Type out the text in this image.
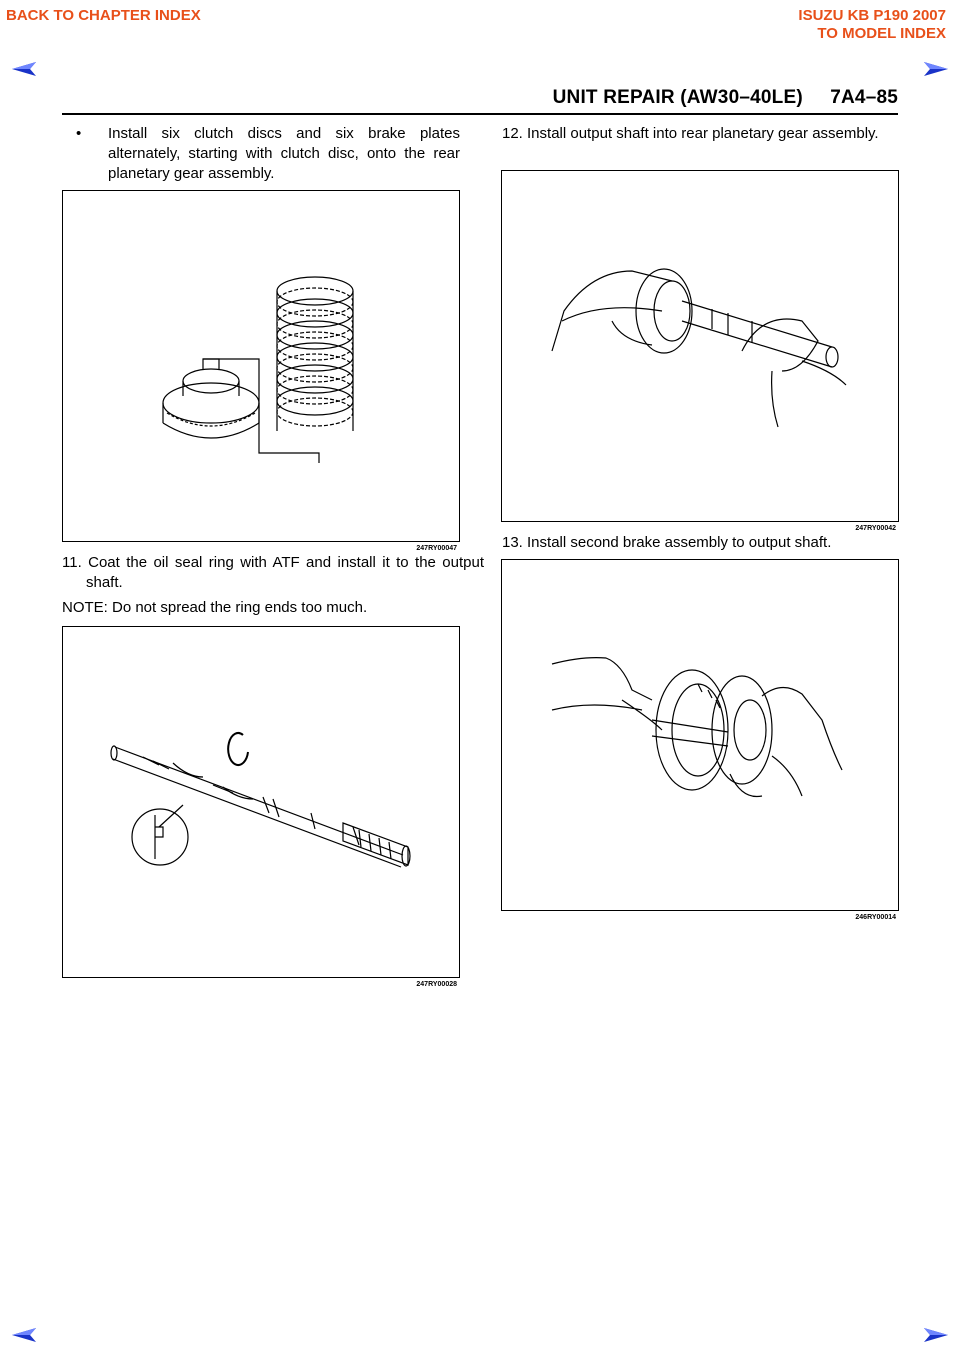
BACK TO CHAPTER INDEX	ISUZU KB P190 2007
TO MODEL INDEX
UNIT REPAIR (AW30–40LE)     7A4–85
•	Install six clutch discs and six brake plates alternately, starting with clutch disc, onto the rear planetary gear assembly.
247RY00047
11. Coat the oil seal ring with ATF and install it to the output shaft.
NOTE: Do not spread the ring ends too much.
247RY00028
12. Install output shaft into rear planetary gear assembly.
247RY00042
13. Install second brake assembly to output shaft.
246RY00014
